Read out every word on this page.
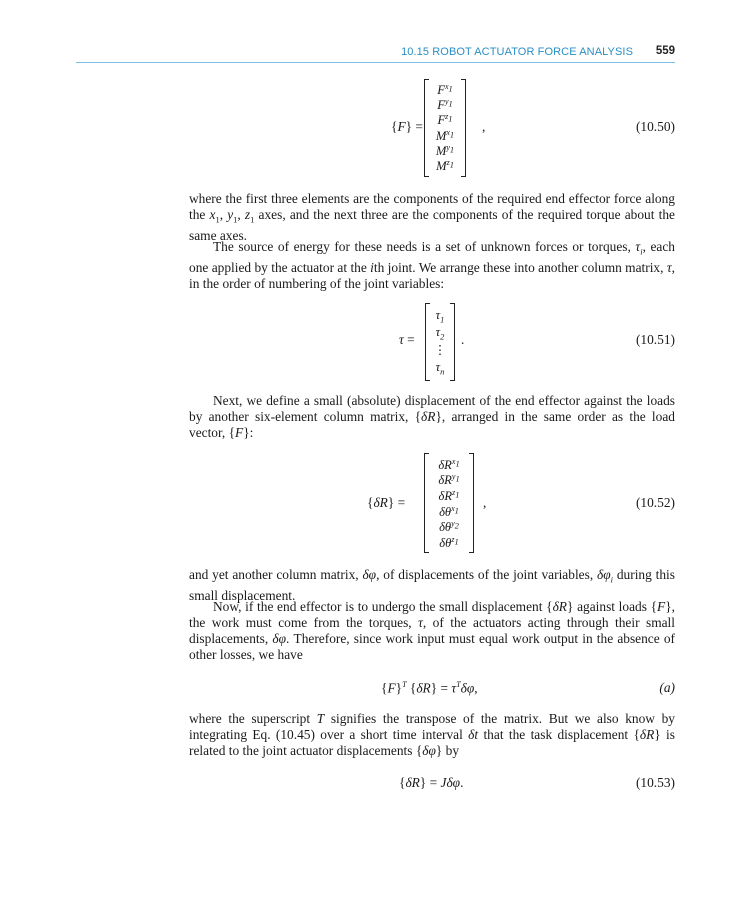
10.15 ROBOT ACTUATOR FORCE ANALYSIS 559
{F} =
$F^{x_1}$
$F^{y_1}$
$F^{z_1}$
$M^{x_1}$
$M^{y_1}$
$M^{z_1}$
,	(10.50)

where the first three elements are the components of the required end effector force along the $x_1$, $y_1$, $z_1$ axes, and the next three are the components of the required torque about the same axes.

The source of energy for these needs is a set of unknown forces or torques, $\tau_i$, each one applied by the actuator at the ith joint. We arrange these into another column matrix, τ, in the order of numbering of the joint variables:

τ =
$\tau_1$
$\tau_2$
⋮
$\tau_n$
.	(10.51)

Next, we define a small (absolute) displacement of the end effector against the loads by another six-element column matrix, {δR}, arranged in the same order as the load vector, {F}:

{δR} =
$\delta R^{x_1}$
$\delta R^{y_1}$
$\delta R^{z_1}$
$\delta\theta^{x_1}$
$\delta\theta^{y_2}$
$\delta\theta^{z_1}$
,	(10.52)

and yet another column matrix, δφ, of displacements of the joint variables, $\delta\varphi_i$ during this small displacement.

Now, if the end effector is to undergo the small displacement {δR} against loads {F}, the work must come from the torques, τ, of the actuators acting through their small displacements, δφ. Therefore, since work input must equal work output in the absence of other losses, we have

$\{F\}^T$ $\{\delta R\} = \tau^T\delta\varphi$,	(a)

where the superscript T signifies the transpose of the matrix. But we also know by integrating Eq. (10.45) over a short time interval δt that the task displacement {δR} is related to the joint actuator displacements {δφ} by

{δR} = Jδφ.	(10.53)
